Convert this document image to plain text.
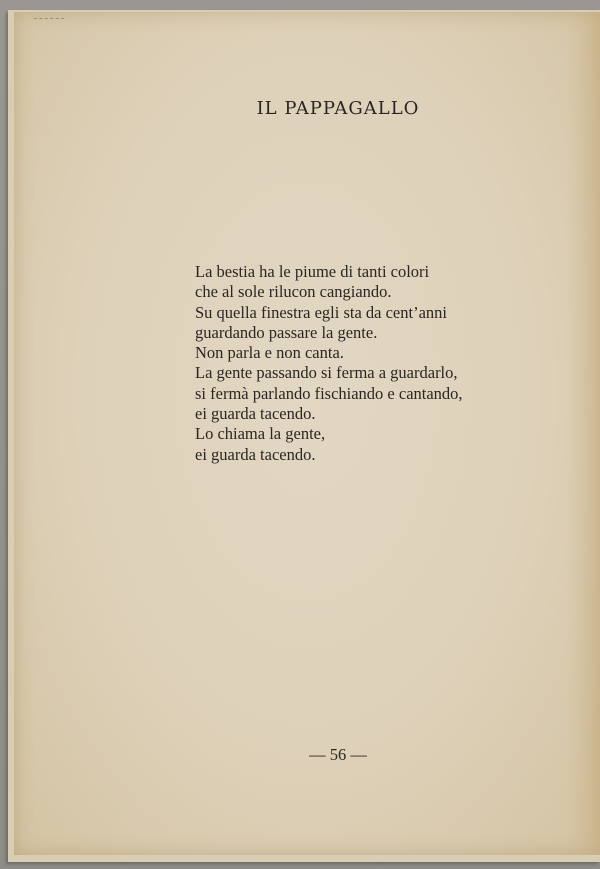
IL PAPPAGALLO
La bestia ha le piume di tanti colori
che al sole rilucon cangiando.
Su quella finestra egli sta da cent’anni
guardando passare la gente.
Non parla e non canta.
La gente passando si ferma a guardarlo,
si fermà parlando fischiando e cantando,
ei guarda tacendo.
Lo chiama la gente,
ei guarda tacendo.
— 56 —
